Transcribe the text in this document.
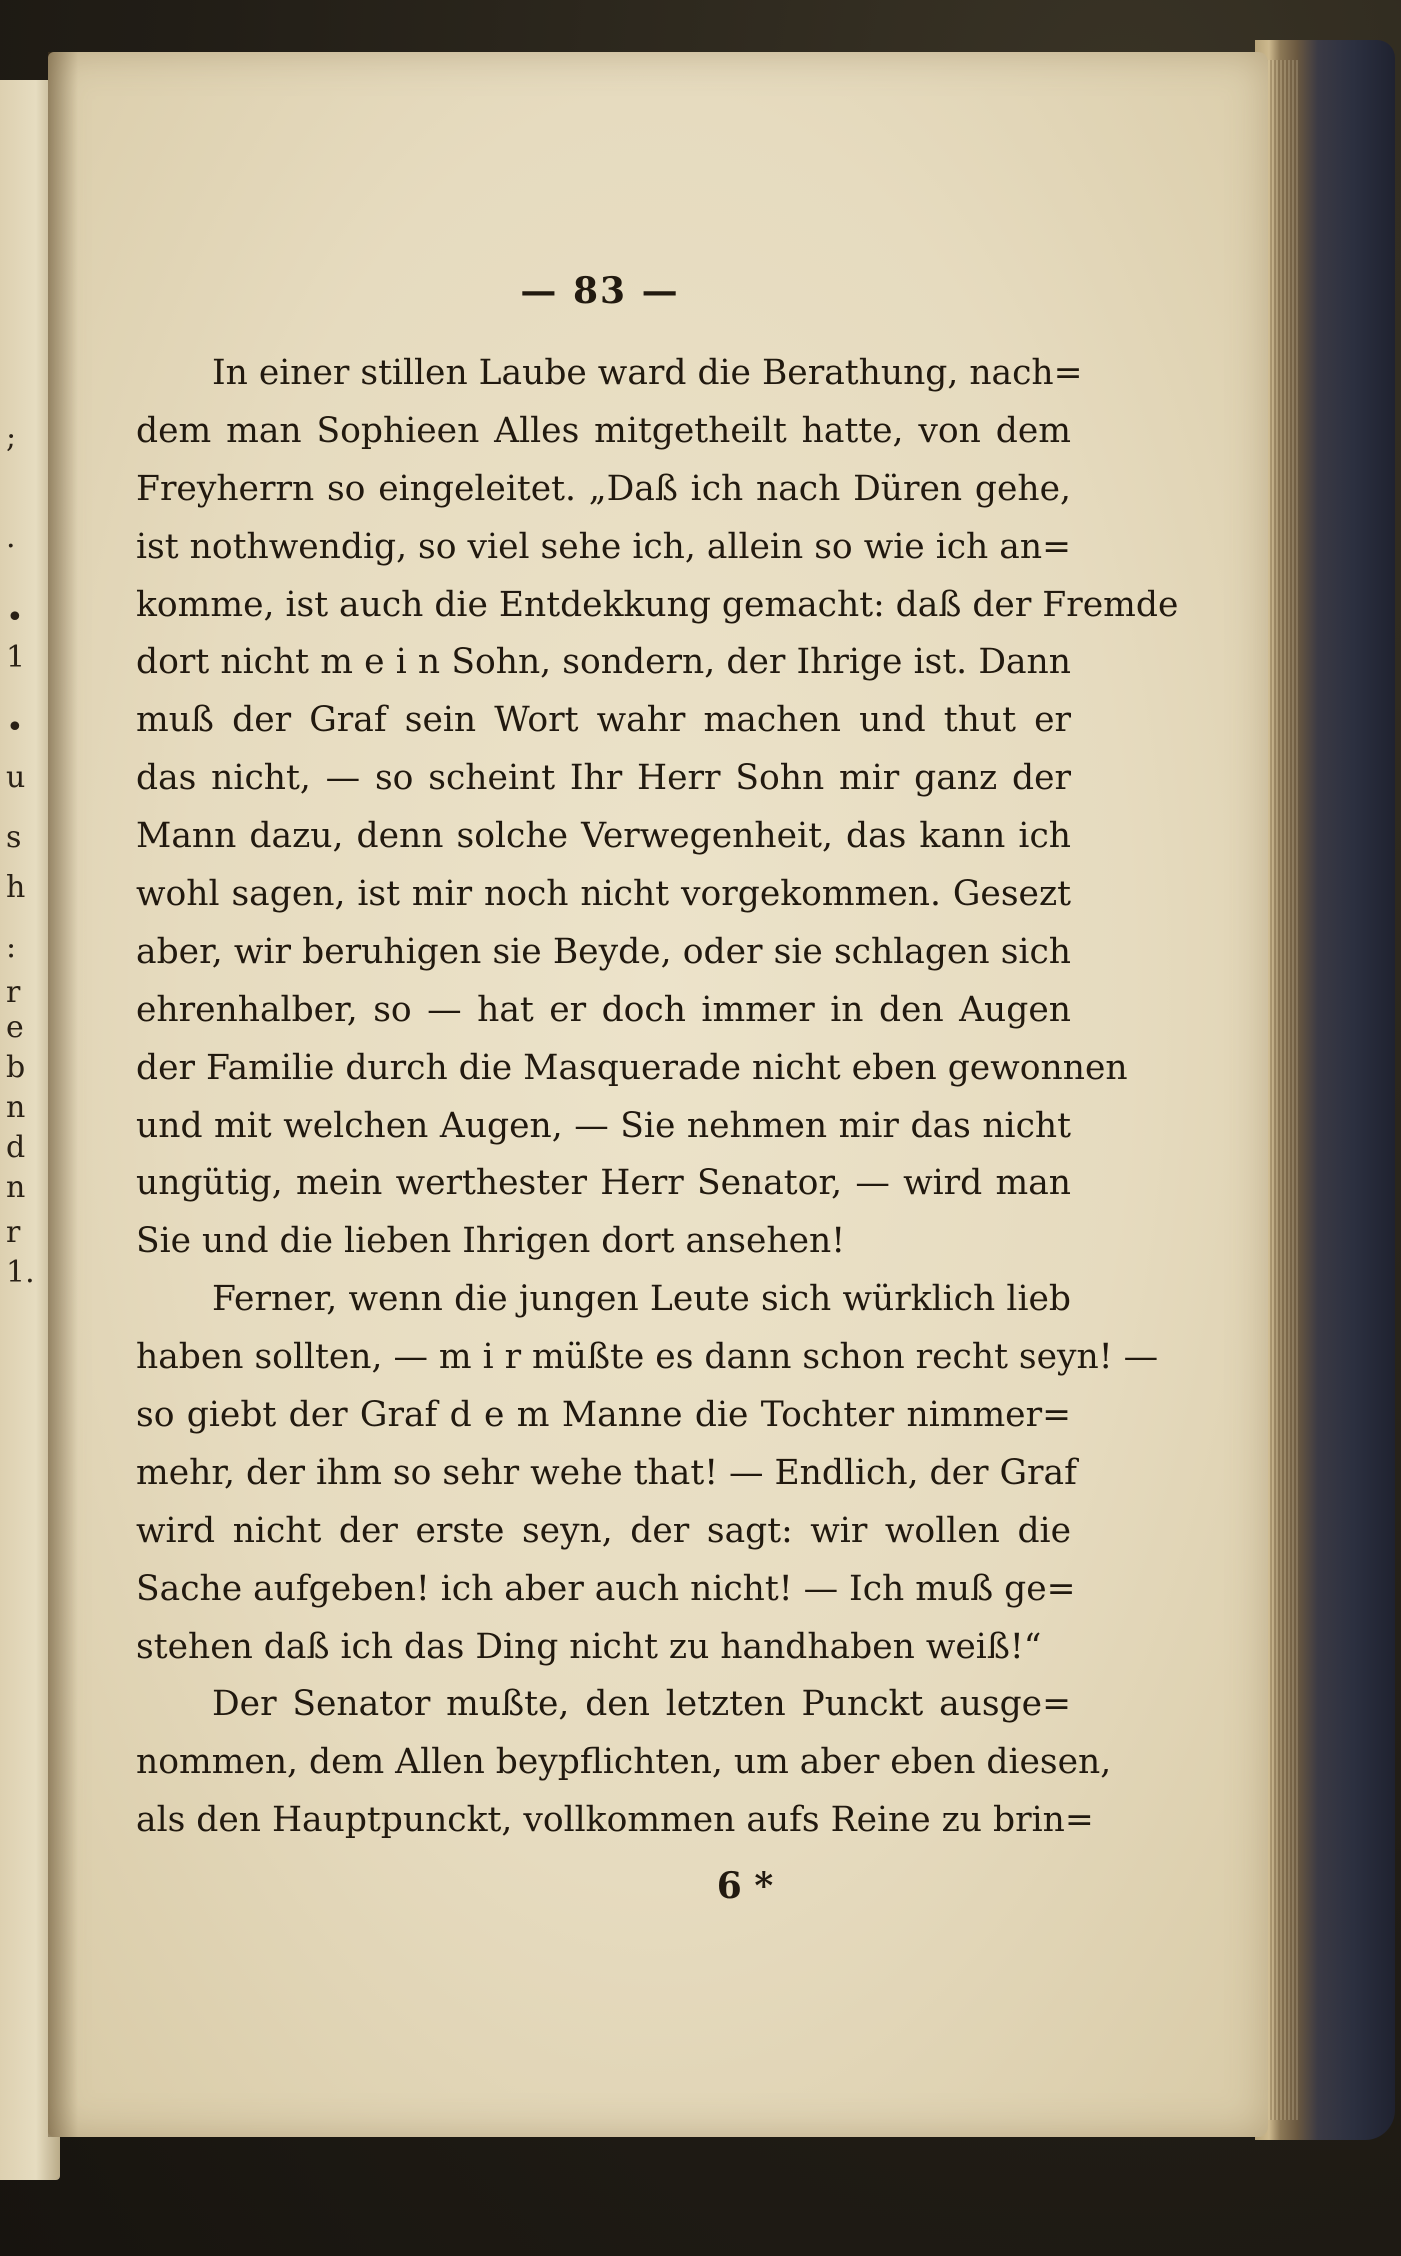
;
.
•
1
•
u
s
h
:
r
e
b
n
d
n
r
1.
— 83 —
In einer stillen Laube ward die Berathung, nach=
dem man Sophieen Alles mitgetheilt hatte, von dem
Freyherrn so eingeleitet. „Daß ich nach Düren gehe,
ist nothwendig, so viel sehe ich, allein so wie ich an=
komme, ist auch die Entdekkung gemacht: daß der Fremde
dort nicht m e i n Sohn, sondern, der Ihrige ist. Dann
muß der Graf sein Wort wahr machen und thut er
das nicht, — so scheint Ihr Herr Sohn mir ganz der
Mann dazu, denn solche Verwegenheit, das kann ich
wohl sagen, ist mir noch nicht vorgekommen. Gesezt
aber, wir beruhigen sie Beyde, oder sie schlagen sich
ehrenhalber, so — hat er doch immer in den Augen
der Familie durch die Masquerade nicht eben gewonnen
und mit welchen Augen, — Sie nehmen mir das nicht
ungütig, mein werthester Herr Senator, — wird man
Sie und die lieben Ihrigen dort ansehen!
Ferner, wenn die jungen Leute sich würklich lieb
haben sollten, — m i r müßte es dann schon recht seyn! —
so giebt der Graf d e m Manne die Tochter nimmer=
mehr, der ihm so sehr wehe that! — Endlich, der Graf
wird nicht der erste seyn, der sagt: wir wollen die
Sache aufgeben! ich aber auch nicht! — Ich muß ge=
stehen daß ich das Ding nicht zu handhaben weiß!“
Der Senator mußte, den letzten Punckt ausge=
nommen, dem Allen beypflichten, um aber eben diesen,
als den Hauptpunckt, vollkommen aufs Reine zu brin=
6 *
